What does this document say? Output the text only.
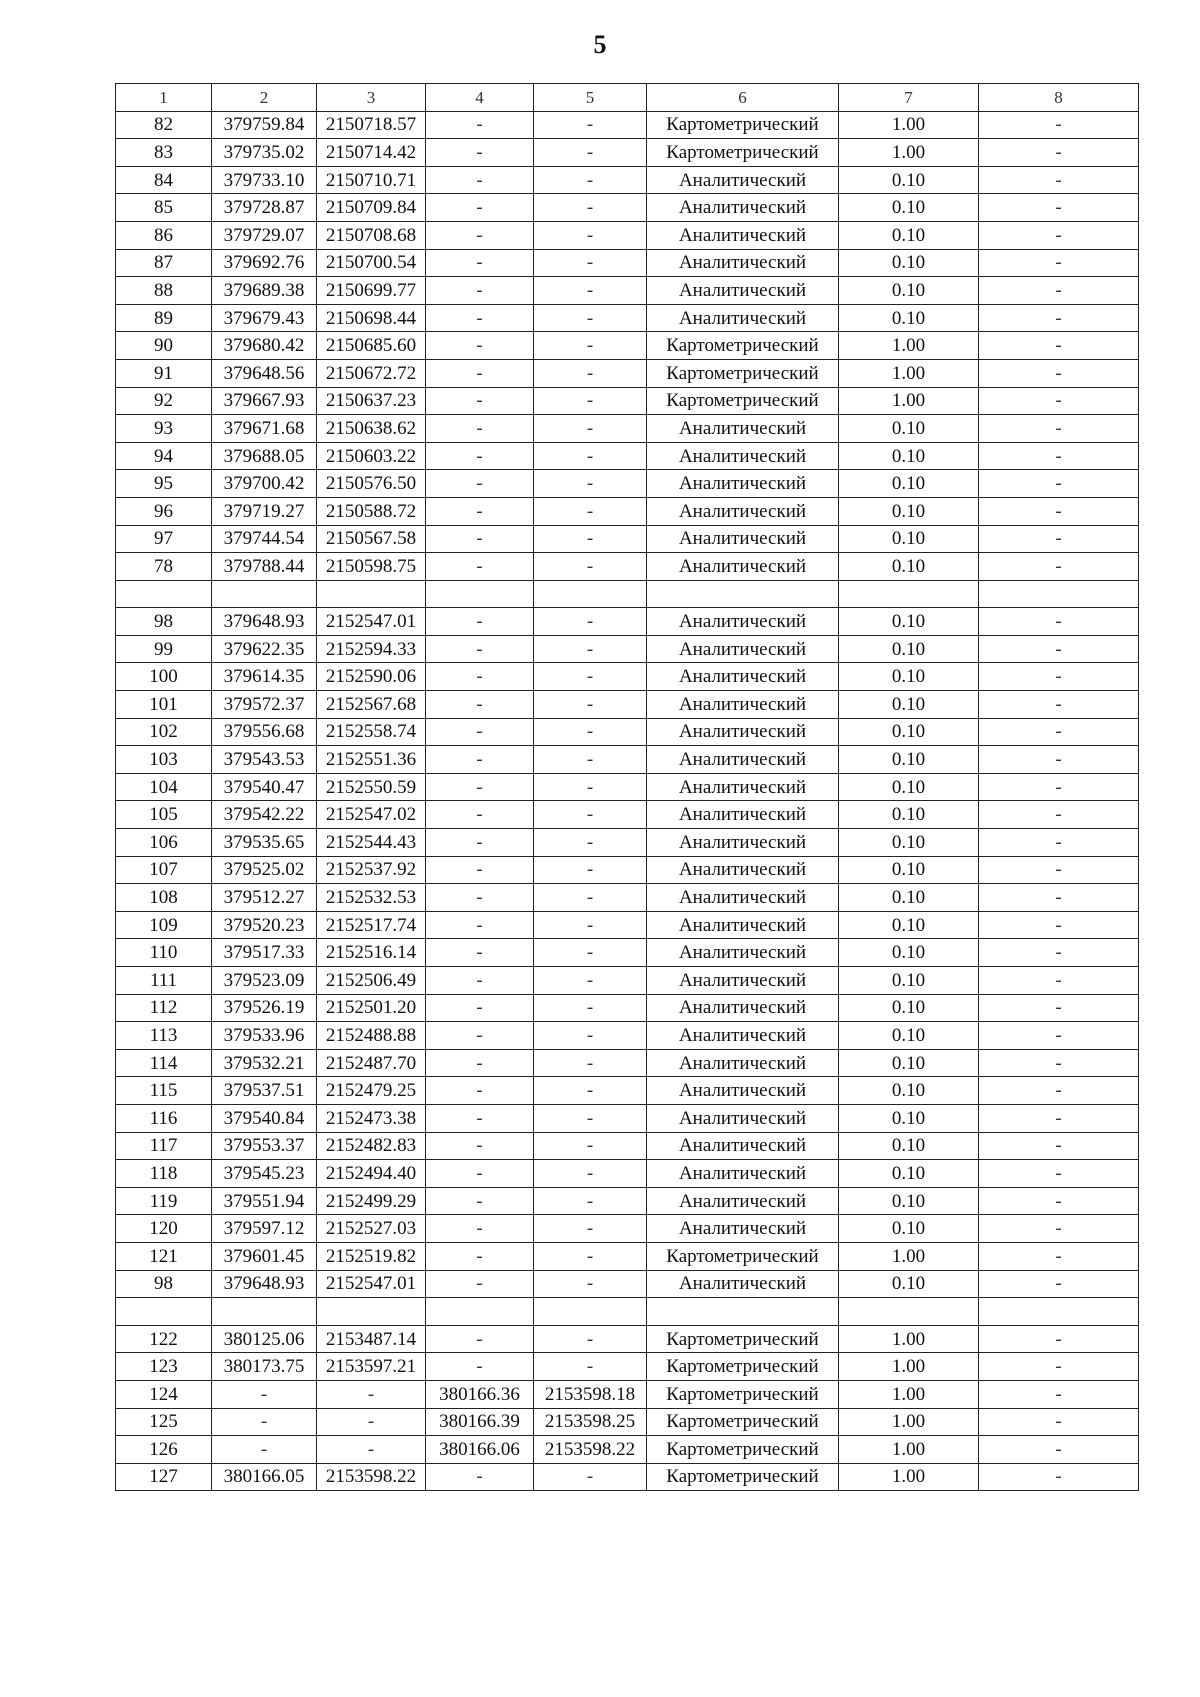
5
1	2	3	4	5	6	7	8
82	379759.84	2150718.57	-	-	Картометрический	1.00	-
83	379735.02	2150714.42	-	-	Картометрический	1.00	-
84	379733.10	2150710.71	-	-	Аналитический	0.10	-
85	379728.87	2150709.84	-	-	Аналитический	0.10	-
86	379729.07	2150708.68	-	-	Аналитический	0.10	-
87	379692.76	2150700.54	-	-	Аналитический	0.10	-
88	379689.38	2150699.77	-	-	Аналитический	0.10	-
89	379679.43	2150698.44	-	-	Аналитический	0.10	-
90	379680.42	2150685.60	-	-	Картометрический	1.00	-
91	379648.56	2150672.72	-	-	Картометрический	1.00	-
92	379667.93	2150637.23	-	-	Картометрический	1.00	-
93	379671.68	2150638.62	-	-	Аналитический	0.10	-
94	379688.05	2150603.22	-	-	Аналитический	0.10	-
95	379700.42	2150576.50	-	-	Аналитический	0.10	-
96	379719.27	2150588.72	-	-	Аналитический	0.10	-
97	379744.54	2150567.58	-	-	Аналитический	0.10	-
78	379788.44	2150598.75	-	-	Аналитический	0.10	-

98	379648.93	2152547.01	-	-	Аналитический	0.10	-
99	379622.35	2152594.33	-	-	Аналитический	0.10	-
100	379614.35	2152590.06	-	-	Аналитический	0.10	-
101	379572.37	2152567.68	-	-	Аналитический	0.10	-
102	379556.68	2152558.74	-	-	Аналитический	0.10	-
103	379543.53	2152551.36	-	-	Аналитический	0.10	-
104	379540.47	2152550.59	-	-	Аналитический	0.10	-
105	379542.22	2152547.02	-	-	Аналитический	0.10	-
106	379535.65	2152544.43	-	-	Аналитический	0.10	-
107	379525.02	2152537.92	-	-	Аналитический	0.10	-
108	379512.27	2152532.53	-	-	Аналитический	0.10	-
109	379520.23	2152517.74	-	-	Аналитический	0.10	-
110	379517.33	2152516.14	-	-	Аналитический	0.10	-
111	379523.09	2152506.49	-	-	Аналитический	0.10	-
112	379526.19	2152501.20	-	-	Аналитический	0.10	-
113	379533.96	2152488.88	-	-	Аналитический	0.10	-
114	379532.21	2152487.70	-	-	Аналитический	0.10	-
115	379537.51	2152479.25	-	-	Аналитический	0.10	-
116	379540.84	2152473.38	-	-	Аналитический	0.10	-
117	379553.37	2152482.83	-	-	Аналитический	0.10	-
118	379545.23	2152494.40	-	-	Аналитический	0.10	-
119	379551.94	2152499.29	-	-	Аналитический	0.10	-
120	379597.12	2152527.03	-	-	Аналитический	0.10	-
121	379601.45	2152519.82	-	-	Картометрический	1.00	-
98	379648.93	2152547.01	-	-	Аналитический	0.10	-

122	380125.06	2153487.14	-	-	Картометрический	1.00	-
123	380173.75	2153597.21	-	-	Картометрический	1.00	-
124	-	-	380166.36	2153598.18	Картометрический	1.00	-
125	-	-	380166.39	2153598.25	Картометрический	1.00	-
126	-	-	380166.06	2153598.22	Картометрический	1.00	-
127	380166.05	2153598.22	-	-	Картометрический	1.00	-
